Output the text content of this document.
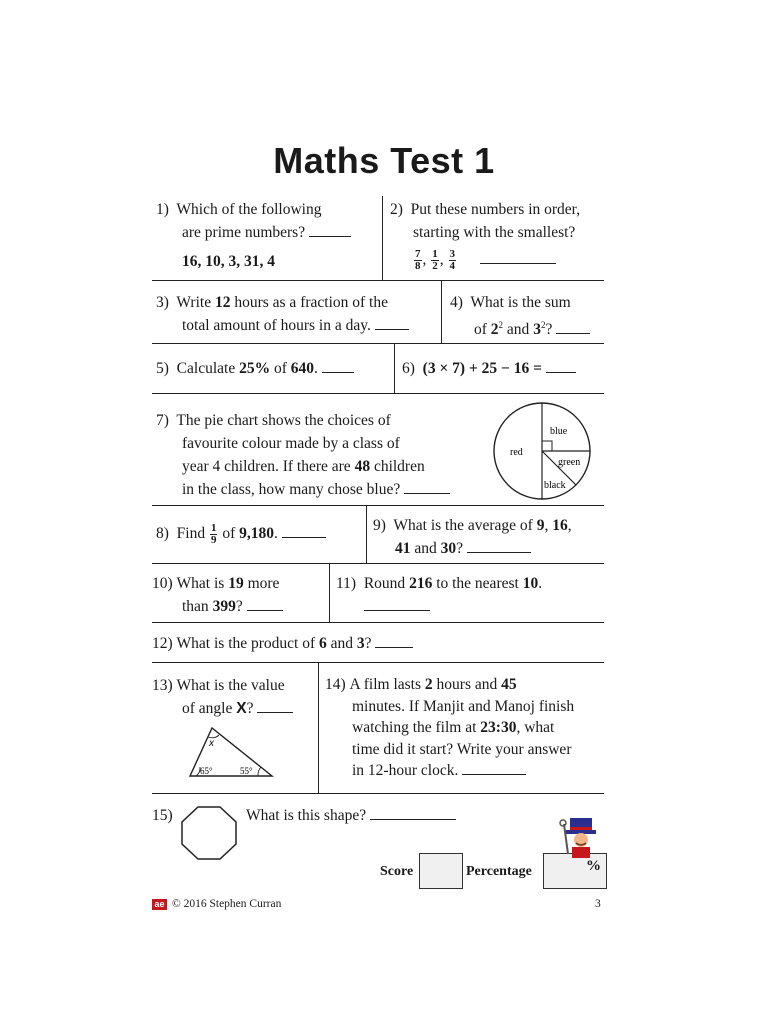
Maths Test 1
1) Which of the following
are prime numbers?
16, 10, 3, 31, 4
2) Put these numbers in order,
starting with the smallest?

$\frac{7}{8}$ , $\frac{1}{2}$ , $\frac{3}{4}$

3) Write 12 hours as a fraction of the
total amount of hours in a day.
4) What is the sum
of $2^2$ and $3^2$?
5) Calculate 25% of 640.	6) (3 × 7) + 25 − 16 =
7) The pie chart shows the choices of
favourite colour made by a class of
year 4 children. If there are 48 children
in the class, how many chose blue?
red
blue
green
black
8) Find $\frac{1}{9}$ of 9,180.	9) What is the average of 9, 16,
41 and 30?
10) What is 19 more
than 399?
11) Round 216 to the nearest 10.

12) What is the product of 6 and 3?
13) What is the value
of angle X?
x
65°	55°
14) A film lasts 2 hours and 45
minutes. If Manjit and Manoj finish
watching the film at 23:30, what
time did it start? Write your answer
in 12-hour clock.
15)	What is this shape?
Score	Percentage	%
ae © 2016 Stephen Curran	3
